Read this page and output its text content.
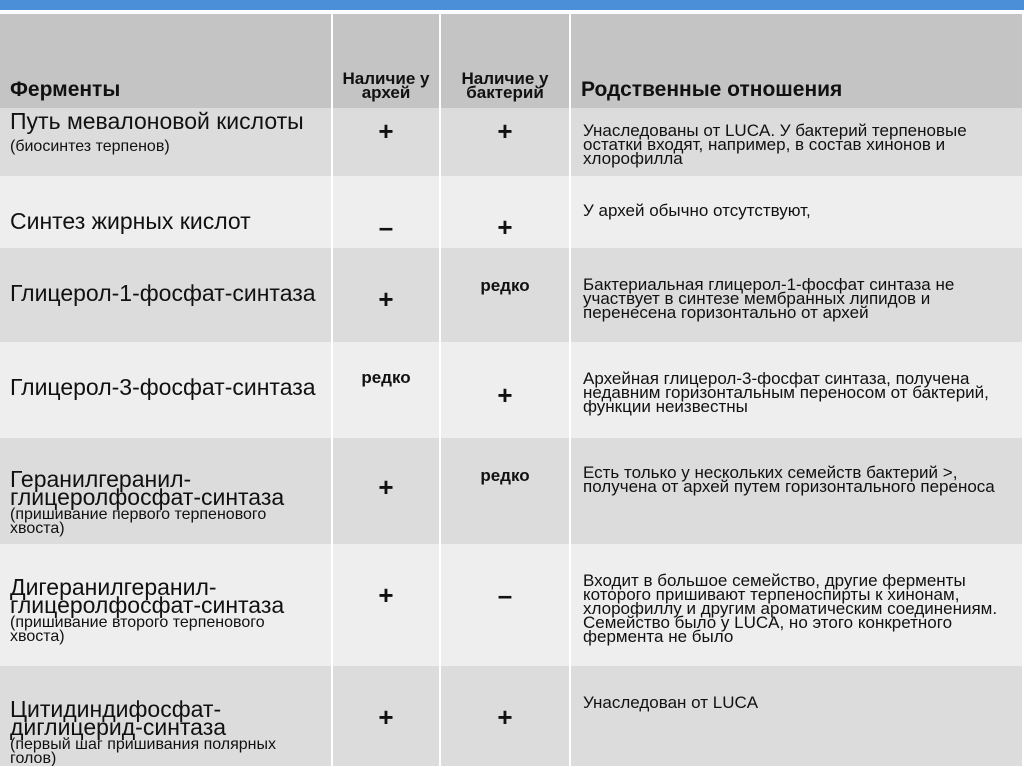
Ферменты	Наличие у архей	Наличие у бактерий	Родственные отношения

Путь мевалоновой кислоты (биосинтез терпенов)	+	+	Унаследованы от LUCA. У бактерий терпеновые остатки входят, например, в состав хинонов и хлорофилла

Синтез жирных кислот	–	+	У архей обычно отсутствуют,

Глицерол-1-фосфат-синтаза	+	редко	Бактериальная глицерол-1-фосфат синтаза не участвует в синтезе мембранных липидов и перенесена горизонтально от архей

Глицерол-3-фосфат-синтаза	редко	+	Архейная глицерол-3-фосфат синтаза, получена недавним горизонтальным переносом от бактерий, функции неизвестны

Геранилгеранил-глицеролфосфат-синтаза
(пришивание первого терпенового хвоста)	+	редко	Есть только у нескольких семейств бактерий >, получена от архей путем горизонтального переноса

Дигеранилгеранил-глицеролфосфат-синтаза
(пришивание второго терпенового хвоста)	+	–	Входит в большое семейство, другие ферменты которого пришивают терпеноспирты к хинонам, хлорофиллу и другим ароматическим соединениям. Семейство было у LUCA, но этого конкретного фермента не было

Цитидиндифосфат-диглицерид-синтаза
(первый шаг пришивания полярных голов)	+	+	Унаследован от LUCA
